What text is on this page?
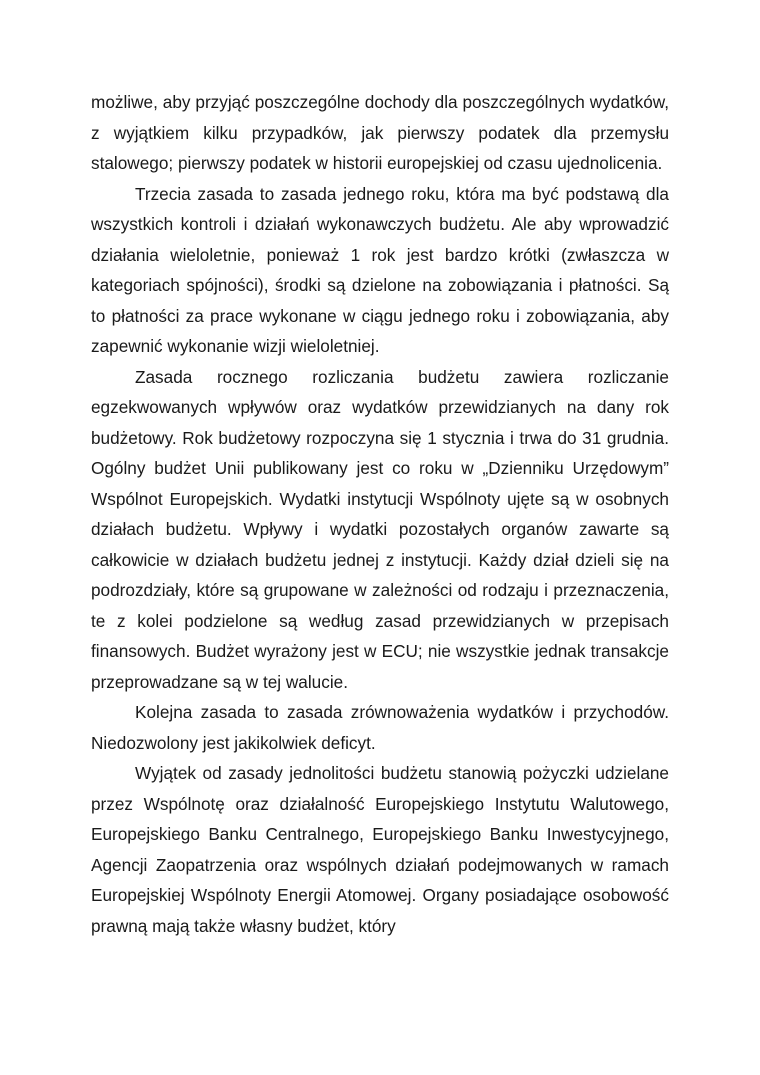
możliwe, aby przyjąć poszczególne dochody dla poszczególnych wydatków, z wyjątkiem kilku przypadków, jak pierwszy podatek dla przemysłu stalowego; pierwszy podatek w historii europejskiej od czasu ujednolicenia.

Trzecia zasada to zasada jednego roku, która ma być podstawą dla wszystkich kontroli i działań wykonawczych budżetu. Ale aby wprowadzić działania wieloletnie, ponieważ 1 rok jest bardzo krótki (zwłaszcza w kategoriach spójności), środki są dzielone na zobowiązania i płatności. Są to płatności za prace wykonane w ciągu jednego roku i zobowiązania, aby zapewnić wykonanie wizji wieloletniej.

Zasada rocznego rozliczania budżetu zawiera rozliczanie egzekwowanych wpływów oraz wydatków przewidzianych na dany rok budżetowy. Rok budżetowy rozpoczyna się 1 stycznia i trwa do 31 grudnia. Ogólny budżet Unii publikowany jest co roku w „Dzienniku Urzędowym” Wspólnot Europejskich. Wydatki instytucji Wspólnoty ujęte są w osobnych działach budżetu. Wpływy i wydatki pozostałych organów zawarte są całkowicie w działach budżetu jednej z instytucji. Każdy dział dzieli się na podrozdziały, które są grupowane w zależności od rodzaju i przeznaczenia, te z kolei podzielone są według zasad przewidzianych w przepisach finansowych. Budżet wyrażony jest w ECU; nie wszystkie jednak transakcje przeprowadzane są w tej walucie.

Kolejna zasada to zasada zrównoważenia wydatków i przychodów. Niedozwolony jest jakikolwiek deficyt.

Wyjątek od zasady jednolitości budżetu stanowią pożyczki udzielane przez Wspólnotę oraz działalność Europejskiego Instytutu Walutowego, Europejskiego Banku Centralnego, Europejskiego Banku Inwestycyjnego, Agencji Zaopatrzenia oraz wspólnych działań podejmowanych w ramach Europejskiej Wspólnoty Energii Atomowej. Organy posiadające osobowość prawną mają także własny budżet, który
